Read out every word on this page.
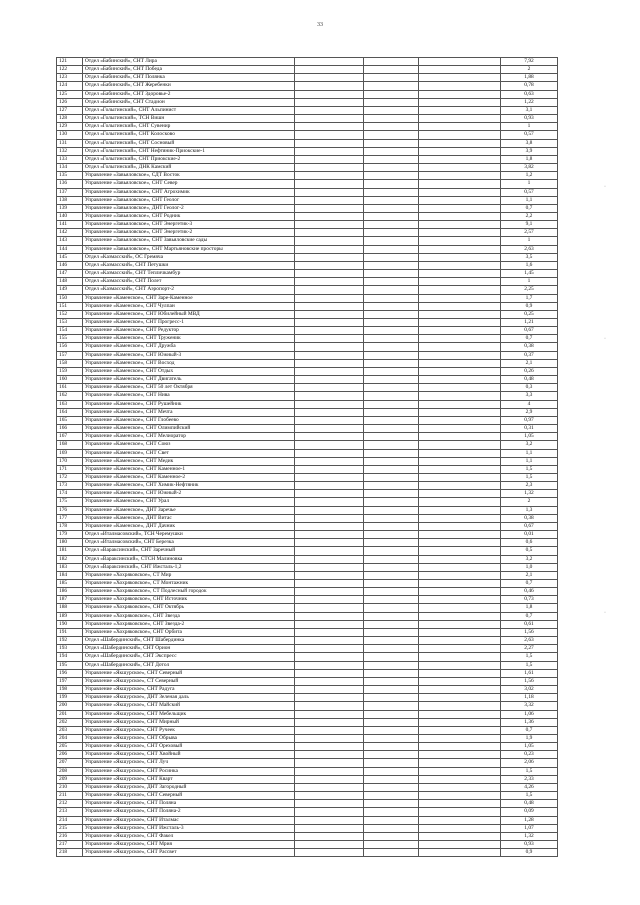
33
121	Отдел «Бабинский», СНТ Лира				7,92
122	Отдел «Бабинский», СНТ Победа				2
123	Отдел «Бабинский», СНТ Полянка				1,88
124	Отдел «Бабинский», СНТ Жеребенки				0,78
125	Отдел «Бабинский», СНТ Здоровье-2				0,63
126	Отдел «Бабинский», СНТ Стадион				1,22
127	Отдел «Голыгинский», СНТ Альпинист				3,1
128	Отдел «Голыгинский», ТСН Вишн				0,93
129	Отдел «Голыгинский», СНТ Сувенир				1
130	Отдел «Голыгинский», СНТ Колосково				0,57
131	Отдел «Голыгинский», СНТ Сосновый				3,8
132	Отдел «Голыгинский», СНТ Нефтяник-Приокские-1				3,9
133	Отдел «Голыгинский», СНТ Приокские-2				1,8
134	Отдел «Голыгинский», ДНК Камский				3,82
135	Управление «Завьяловское», СДТ Восток				1,2
136	Управление «Завьяловское», СНТ Север				1
137	Управление «Завьяловское», СНТ Агрохимик				0,57
138	Управление «Завьяловское», СНТ Геолог				1,1
139	Управление «Завьяловское», ДНТ Геолог-2				0,7
140	Управление «Завьяловское», СНТ Родник				2,2
141	Управление «Завьяловское», СНТ Энергетик-3				9,1
142	Управление «Завьяловское», СНТ Энергетик-2				2,57
143	Управление «Завьяловское», СНТ Завьяловские сады				1
144	Управление «Завьяловское», СНТ Мартьяновские просторы				2,63
145	Отдел «Казмасский», ОС Гремяча				3,5
146	Отдел «Казмасский», СНТ Петушки				1,6
147	Отдел «Казмасский», СНТ Тепличкамбур				1,45
148	Отдел «Казмасский», СНТ Полет				1
149	Отдел «Казмасский», СНТ Аэропорт-2				2,25
150	Управление «Каменское», СНТ Заре-Каменное				1,7
151	Управление «Каменское», СНТ Чулпан				0,9
152	Управление «Каменское», СНТ Юбилейный МВД				0,25
153	Управление «Каменское», СНТ Прогресс-1				1,21
154	Управление «Каменское», СНТ Редуктор				0,67
155	Управление «Каменское», СНТ Труженик				0,7
156	Управление «Каменское», СНТ Дружба				0,38
157	Управление «Каменское», СНТ Южный-3				0,37
158	Управление «Каменское», СНТ Восход				2,1
159	Управление «Каменское», СНТ Отдых				0,26
160	Управление «Каменское», СНТ Двигатель				0,48
161	Управление «Каменское», СНТ 50 лет Октября				0,3
162	Управление «Каменское», СНТ Нива				3,3
163	Управление «Каменское», СНТ Рушейник				4
164	Управление «Каменское», СНТ Мечта				2,9
165	Управление «Каменское», СНТ Глобеево				0,97
166	Управление «Каменское», СНТ Олимпийский				0,31
167	Управление «Каменское», СНТ Мелиоратор				1,05
168	Управление «Каменское», СНТ Союз				3,2
169	Управление «Каменское», СНТ Свет				1,1
170	Управление «Каменское», СНТ Медик				1,1
171	Управление «Каменское», СНТ Каменное-1				1,5
172	Управление «Каменское», СНТ Каменное-2				1,5
173	Управление «Каменское», СНТ Химик-Нефтяник				2,3
174	Управление «Каменское», СНТ Южный-2				1,32
175	Управление «Каменское», СНТ Урал				2
176	Управление «Каменское», ДНТ Заречье				1,3
177	Управление «Каменское», ДНТ Витас				0,38
178	Управление «Каменское», ДНТ Дачник				0,67
179	Отдел «Италмасовский», ТСН Черемушки				0,01
180	Отдел «Италмасовский», СНТ Березка				0,6
181	Отдел «Вараксинский», СНТ Заречный				0,5
182	Отдел «Вараксинский», СТСН Малиновка				3,2
183	Отдел «Вараксинский», СНТ Ижсталь-1,2				1,0
184	Управление «Хохряковское», СТ Мир				2,1
185	Управление «Хохряковское», СТ Монтажник				0,7
186	Управление «Хохряковское», СТ Подлесный городок				0,46
187	Управление «Хохряковское», СНТ Источник				0,73
188	Управление «Хохряковское», СНТ Октябрь				1,8
189	Управление «Хохряковское», СНТ Звезда				0,7
190	Управление «Хохряковское», СНТ Звезда-2				0,61
191	Управление «Хохряковское», СНТ Орбита				1,56
192	Отдел «Шабердинский», СНТ Шабердинка				2,63
193	Отдел «Шабердинский», СНТ Орион				2,27
194	Отдел «Шабердинский», СНТ Экспресс				1,5
195	Отдел «Шабердинский», СНТ Дотол				1,5
196	Управление «Якшурское», СНТ Северный				1,61
197	Управление «Якшурское», СТ Северный				1,56
198	Управление «Якшурское», СНТ Радуга				3,02
199	Управление «Якшурское», ДНТ Зеленая даль				1,18
200	Управление «Якшурское», СНТ Майский				3,32
201	Управление «Якшурское», СНТ Мебельщик				1,06
202	Управление «Якшурское», СНТ Мирный				1,36
203	Управление «Якшурское», СНТ Ручеек				0,7
204	Управление «Якшурское», СНТ Обрыва				1,9
205	Управление «Якшурское», СНТ Ореховый				1,05
206	Управление «Якшурское», СНТ Хвойный				0,23
207	Управление «Якшурское», СНТ Луч				2,06
208	Управление «Якшурское», СНТ Росинка				1,5
209	Управление «Якшурское», СНТ Кварт				2,33
210	Управление «Якшурское», ДНТ Загородный				4,26
211	Управление «Якшурское», СНТ Северный				1,5
212	Управление «Якшурское», СНТ Поляна				0,48
213	Управление «Якшурское», СНТ Поляна-2				0,09
214	Управление «Якшурское», СНТ Италмас				1,28
215	Управление «Якшурское», СНТ Ижсталь-3				1,07
216	Управление «Якшурское», СНТ Факел				1,32
217	Управление «Якшурское», СНТ Мрия				0,93
218	Управление «Якшурское», СНТ Рассвет				0,9
·
·
·
